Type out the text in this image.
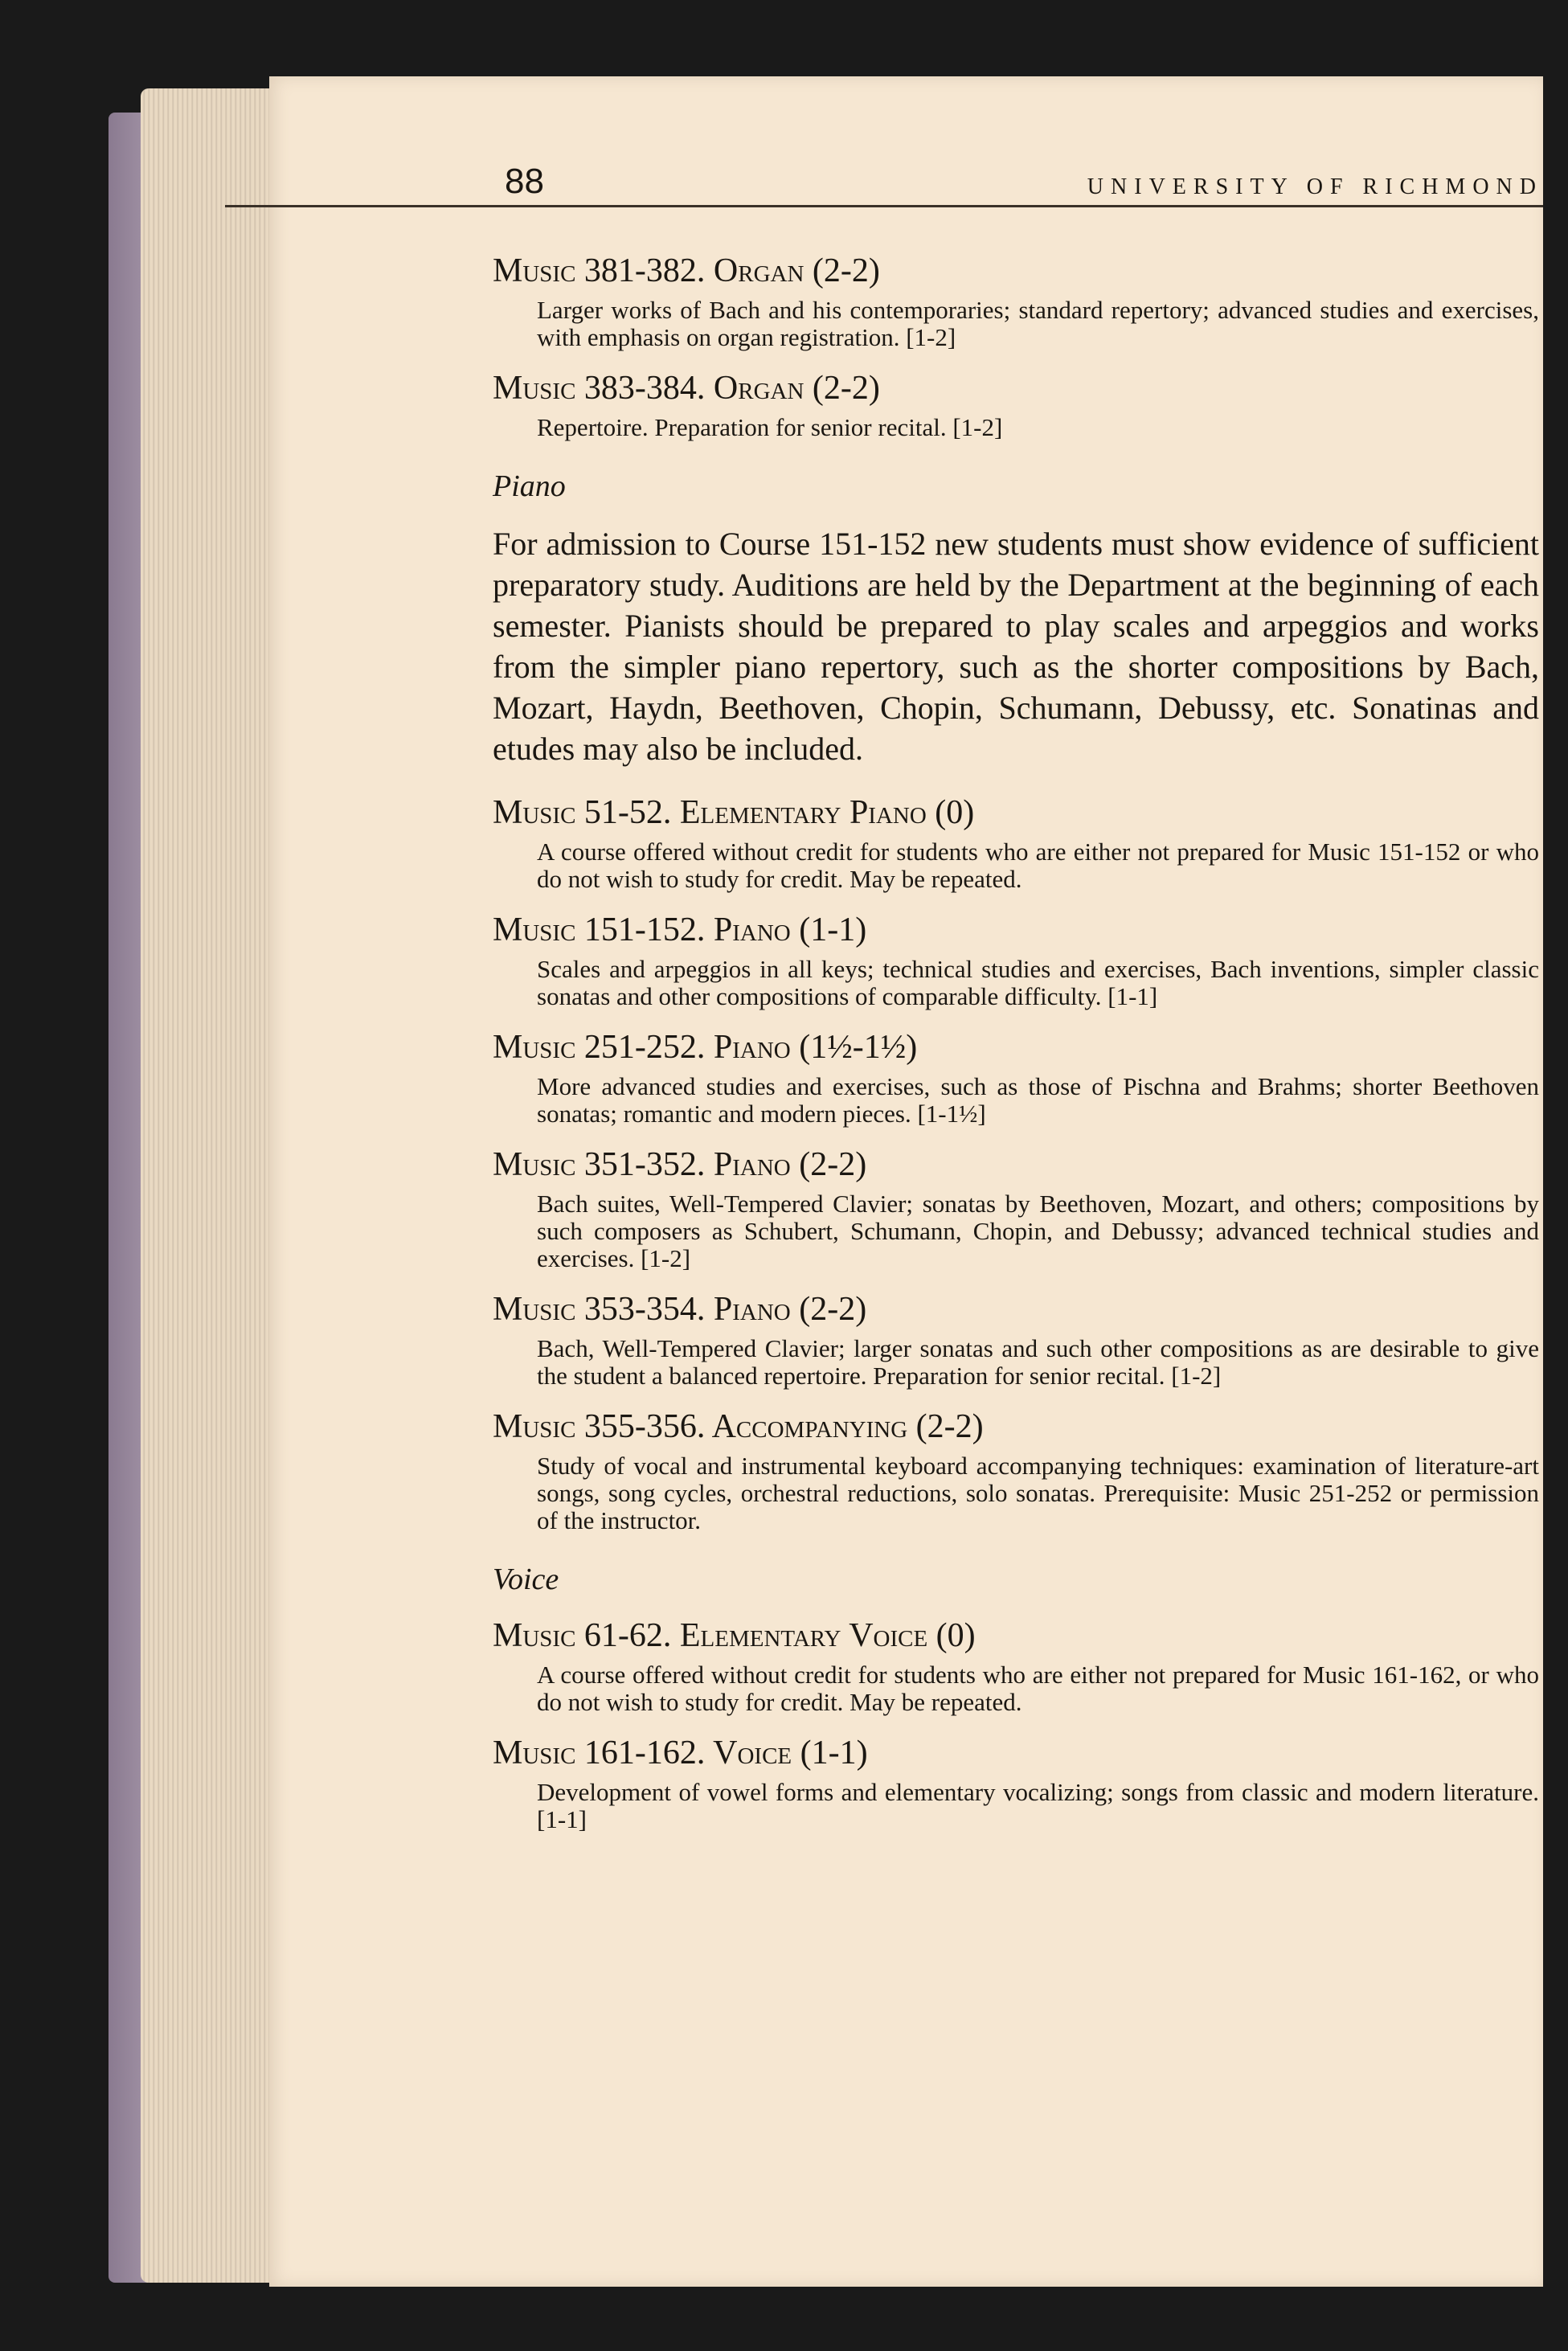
88	UNIVERSITY OF RICHMOND

Music 381-382. Organ (2-2)

Larger works of Bach and his contemporaries; standard repertory; advanced studies and exercises, with emphasis on organ registration. [1-2]

Music 383-384. Organ (2-2)

Repertoire. Preparation for senior recital. [1-2]

Piano

For admission to Course 151-152 new students must show evidence of sufficient preparatory study. Auditions are held by the Department at the beginning of each semester. Pianists should be prepared to play scales and arpeggios and works from the simpler piano repertory, such as the shorter compositions by Bach, Mozart, Haydn, Beethoven, Chopin, Schumann, Debussy, etc. Sonatinas and etudes may also be included.

Music 51-52. Elementary Piano (0)

A course offered without credit for students who are either not prepared for Music 151-152 or who do not wish to study for credit. May be repeated.

Music 151-152. Piano (1-1)

Scales and arpeggios in all keys; technical studies and exercises, Bach inventions, simpler classic sonatas and other compositions of comparable difficulty. [1-1]

Music 251-252. Piano (1½-1½)

More advanced studies and exercises, such as those of Pischna and Brahms; shorter Beethoven sonatas; romantic and modern pieces. [1-1½]

Music 351-352. Piano (2-2)

Bach suites, Well-Tempered Clavier; sonatas by Beethoven, Mozart, and others; compositions by such composers as Schubert, Schumann, Chopin, and Debussy; advanced technical studies and exercises. [1-2]

Music 353-354. Piano (2-2)

Bach, Well-Tempered Clavier; larger sonatas and such other compositions as are desirable to give the student a balanced repertoire. Preparation for senior recital. [1-2]

Music 355-356. Accompanying (2-2)

Study of vocal and instrumental keyboard accompanying techniques: examination of literature-art songs, song cycles, orchestral reductions, solo sonatas. Prerequisite: Music 251-252 or permission of the instructor.

Voice

Music 61-62. Elementary Voice (0)

A course offered without credit for students who are either not prepared for Music 161-162, or who do not wish to study for credit. May be repeated.

Music 161-162. Voice (1-1)

Development of vowel forms and elementary vocalizing; songs from classic and modern literature. [1-1]
